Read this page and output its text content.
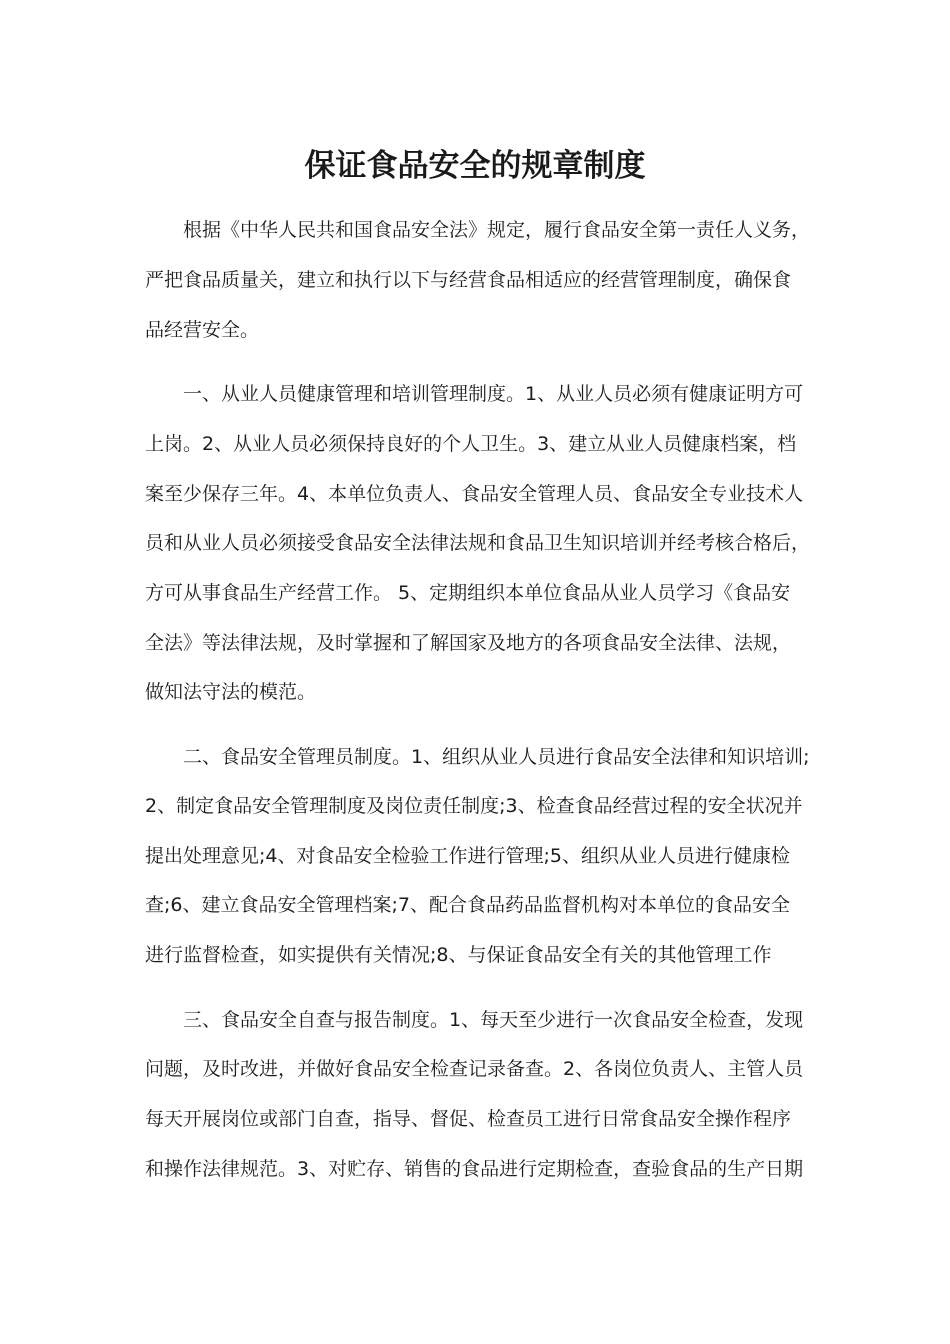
保证食品安全的规章制度

根据《中华人民共和国食品安全法》规定，履行食品安全第一责任人义务，

严把食品质量关，建立和执行以下与经营食品相适应的经营管理制度，确保食

品经营安全。

一、从业人员健康管理和培训管理制度。1、从业人员必须有健康证明方可

上岗。2、从业人员必须保持良好的个人卫生。3、建立从业人员健康档案，档

案至少保存三年。4、本单位负责人、食品安全管理人员、食品安全专业技术人

员和从业人员必须接受食品安全法律法规和食品卫生知识培训并经考核合格后，

方可从事食品生产经营工作。 5、定期组织本单位食品从业人员学习《食品安

全法》等法律法规，及时掌握和了解国家及地方的各项食品安全法律、法规，

做知法守法的模范。

二、食品安全管理员制度。1、组织从业人员进行食品安全法律和知识培训;

2、制定食品安全管理制度及岗位责任制度;3、检查食品经营过程的安全状况并

提出处理意见;4、对食品安全检验工作进行管理;5、组织从业人员进行健康检

查;6、建立食品安全管理档案;7、配合食品药品监督机构对本单位的食品安全

进行监督检查，如实提供有关情况;8、与保证食品安全有关的其他管理工作

三、食品安全自查与报告制度。1、每天至少进行一次食品安全检查，发现

问题，及时改进，并做好食品安全检查记录备查。2、各岗位负责人、主管人员

每天开展岗位或部门自查，指导、督促、检查员工进行日常食品安全操作程序

和操作法律规范。3、对贮存、销售的食品进行定期检查，查验食品的生产日期
